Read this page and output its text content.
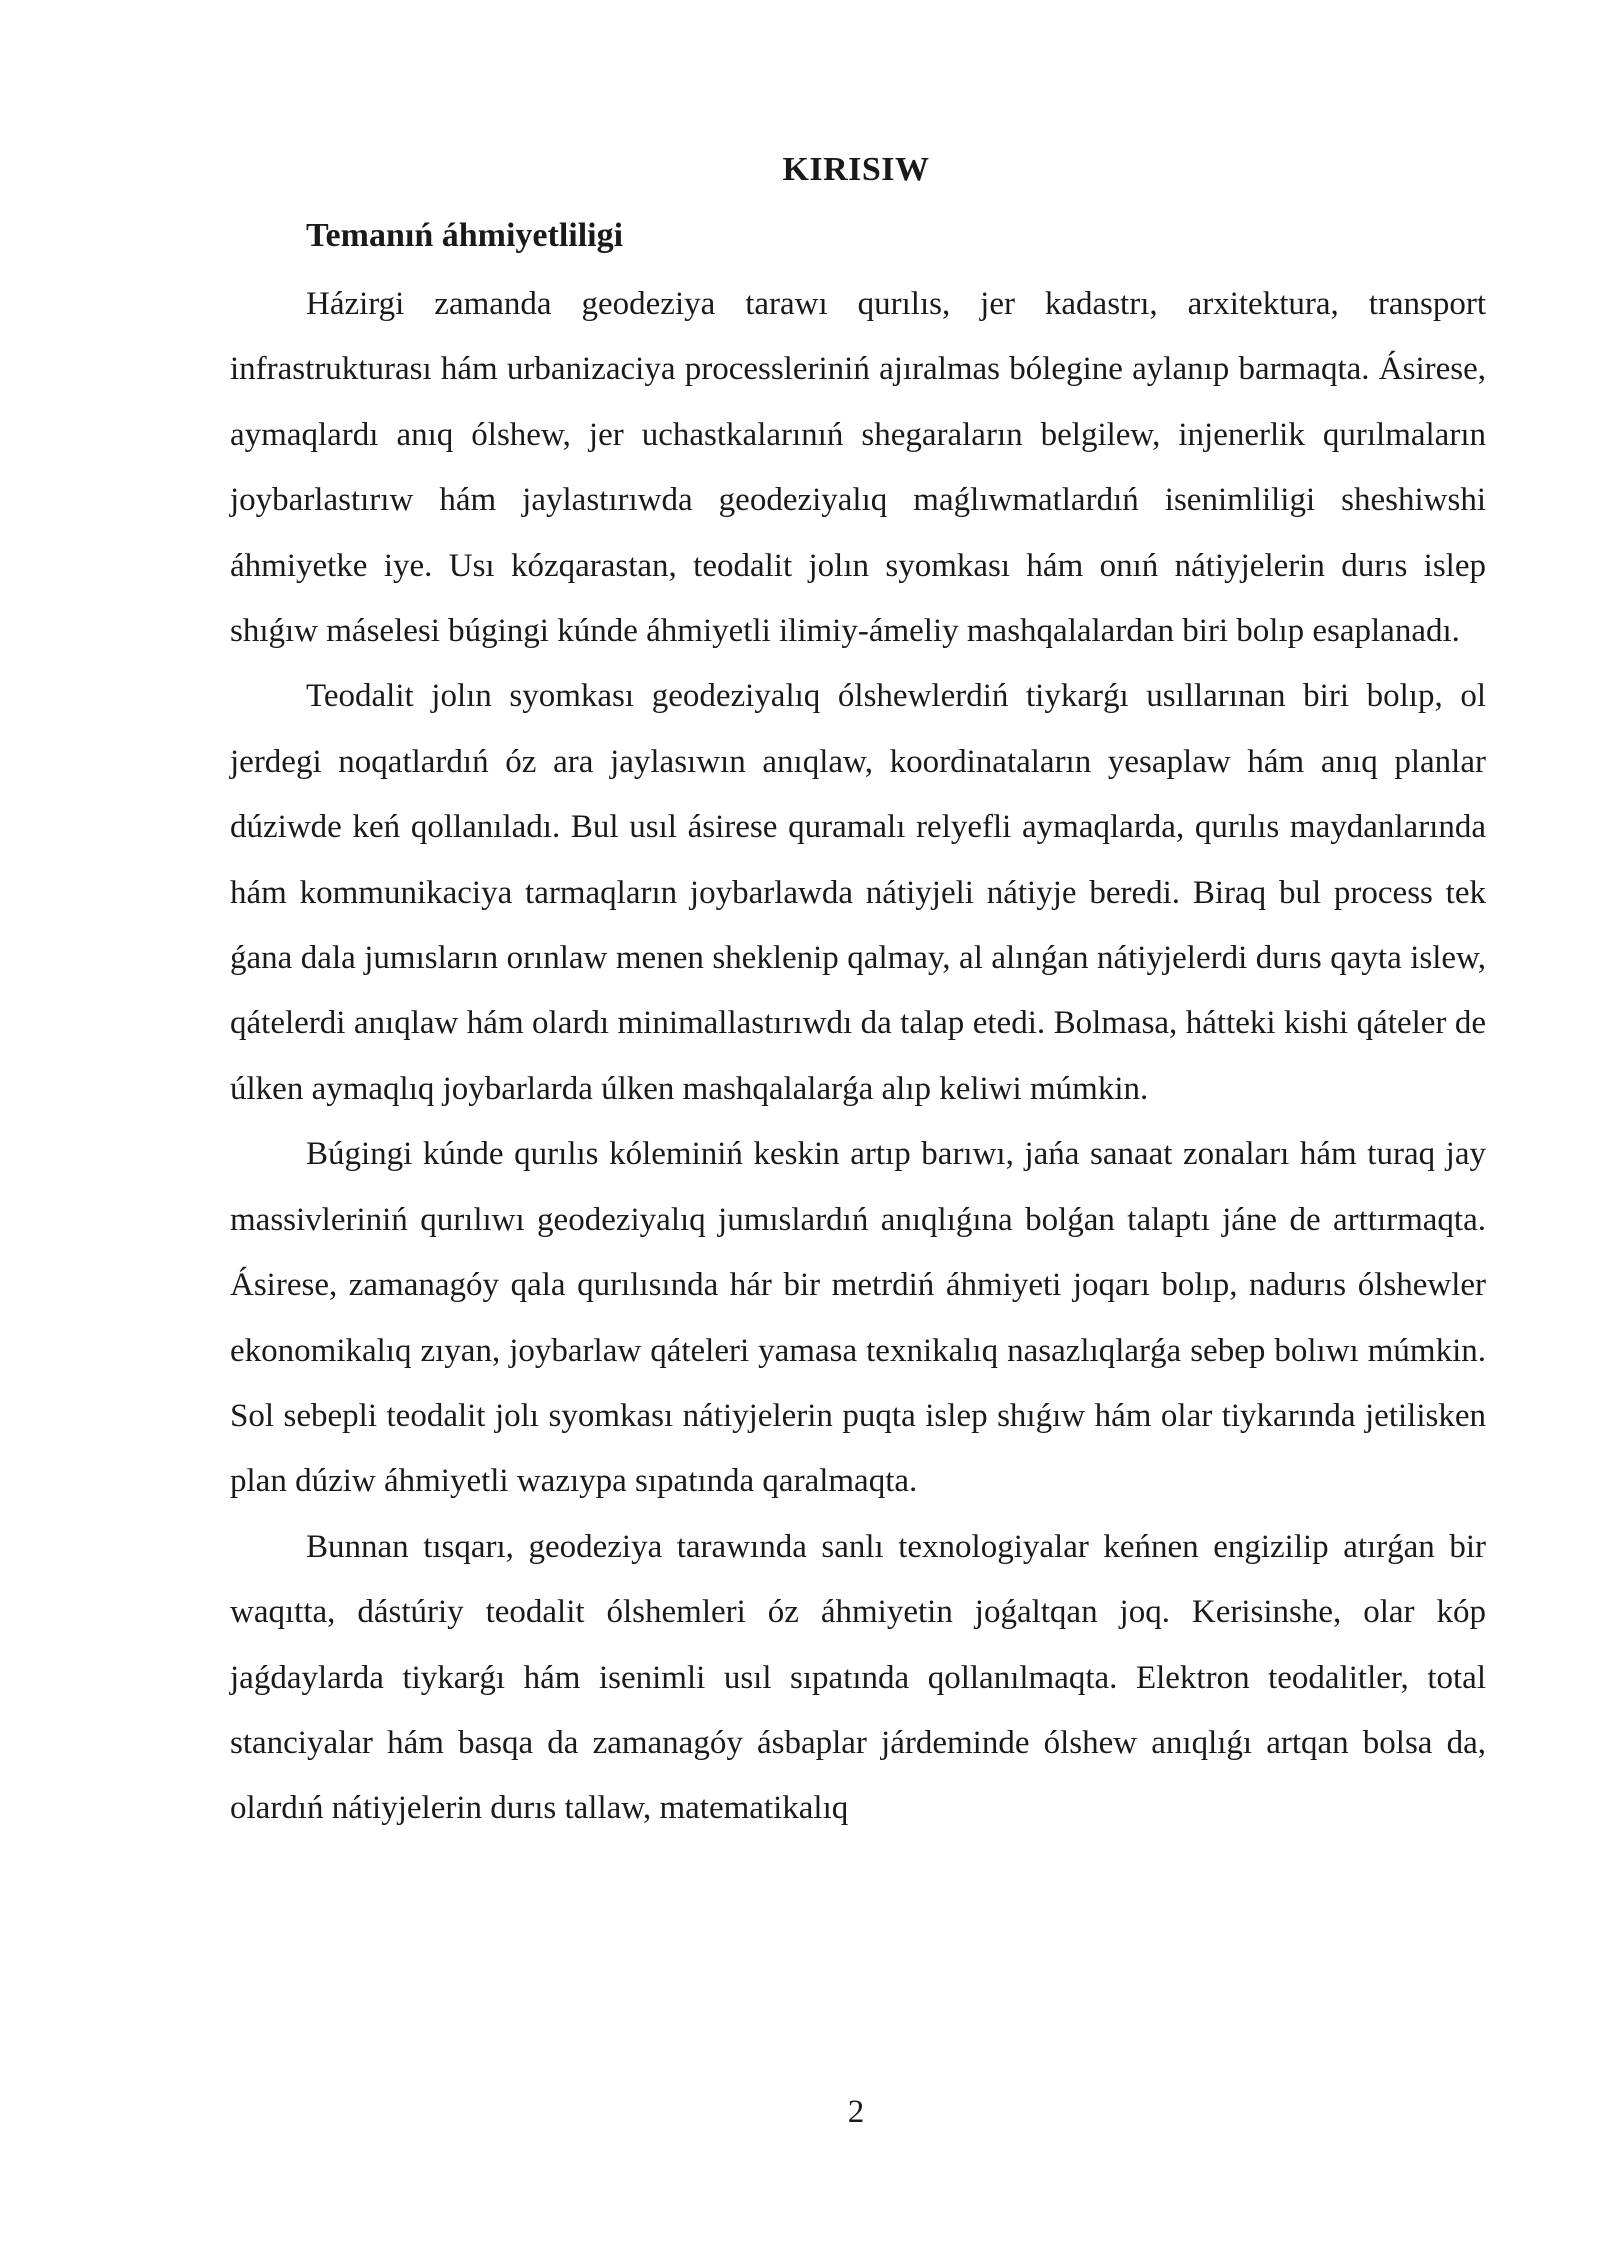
KIRISIW
Temanıń áhmiyetliligi

Házirgi zamanda geodeziya tarawı qurılıs, jer kadastrı, arxitektura, transport infrastrukturası hám urbanizaciya processleriniń ajıralmas bólegine aylanıp barmaqta. Ásirese, aymaqlardı anıq ólshew, jer uchastkalarınıń shegaraların belgilew, injenerlik qurılmaların joybarlastırıw hám jaylastırıwda geodeziyalıq maǵlıwmatlardıń isenimliligi sheshiwshi áhmiyetke iye. Usı kózqarastan, teodalit jolın syomkası hám onıń nátiyjelerin durıs islep shıǵıw máselesi búgingi kúnde áhmiyetli ilimiy-ámeliy mashqalalardan biri bolıp esaplanadı.

Teodalit jolın syomkası geodeziyalıq ólshewlerdiń tiykarǵı usıllarınan biri bolıp, ol jerdegi noqatlardıń óz ara jaylasıwın anıqlaw, koordinataların yesaplaw hám anıq planlar dúziwde keń qollanıladı. Bul usıl ásirese quramalı relyefli aymaqlarda, qurılıs maydanlarında hám kommunikaciya tarmaqların joybarlawda nátiyjeli nátiyje beredi. Biraq bul process tek ǵana dala jumısların orınlaw menen sheklenip qalmay, al alınǵan nátiyjelerdi durıs qayta islew, qátelerdi anıqlaw hám olardı minimallastırıwdı da talap etedi. Bolmasa, hátteki kishi qáteler de úlken aymaqlıq joybarlarda úlken mashqalalarǵa alıp keliwi múmkin.

Búgingi kúnde qurılıs kóleminiń keskin artıp barıwı, jańa sanaat zonaları hám turaq jay massivleriniń qurılıwı geodeziyalıq jumıslardıń anıqlıǵına bolǵan talaptı jáne de arttırmaqta. Ásirese, zamanagóy qala qurılısında hár bir metrdiń áhmiyeti joqarı bolıp, nadurıs ólshewler ekonomikalıq zıyan, joybarlaw qáteleri yamasa texnikalıq nasazlıqlarǵa sebep bolıwı múmkin. Sol sebepli teodalit jolı syomkası nátiyjelerin puqta islep shıǵıw hám olar tiykarında jetilisken plan dúziw áhmiyetli wazıypa sıpatında qaralmaqta.

Bunnan tısqarı, geodeziya tarawında sanlı texnologiyalar keńnen engizilip atırǵan bir waqıtta, dástúriy teodalit ólshemleri óz áhmiyetin joǵaltqan joq. Kerisinshe, olar kóp jaǵdaylarda tiykarǵı hám isenimli usıl sıpatında qollanılmaqta. Elektron teodalitler, total stanciyalar hám basqa da zamanagóy ásbaplar járdeminde ólshew anıqlıǵı artqan bolsa da, olardıń nátiyjelerin durıs tallaw, matematikalıq

2
